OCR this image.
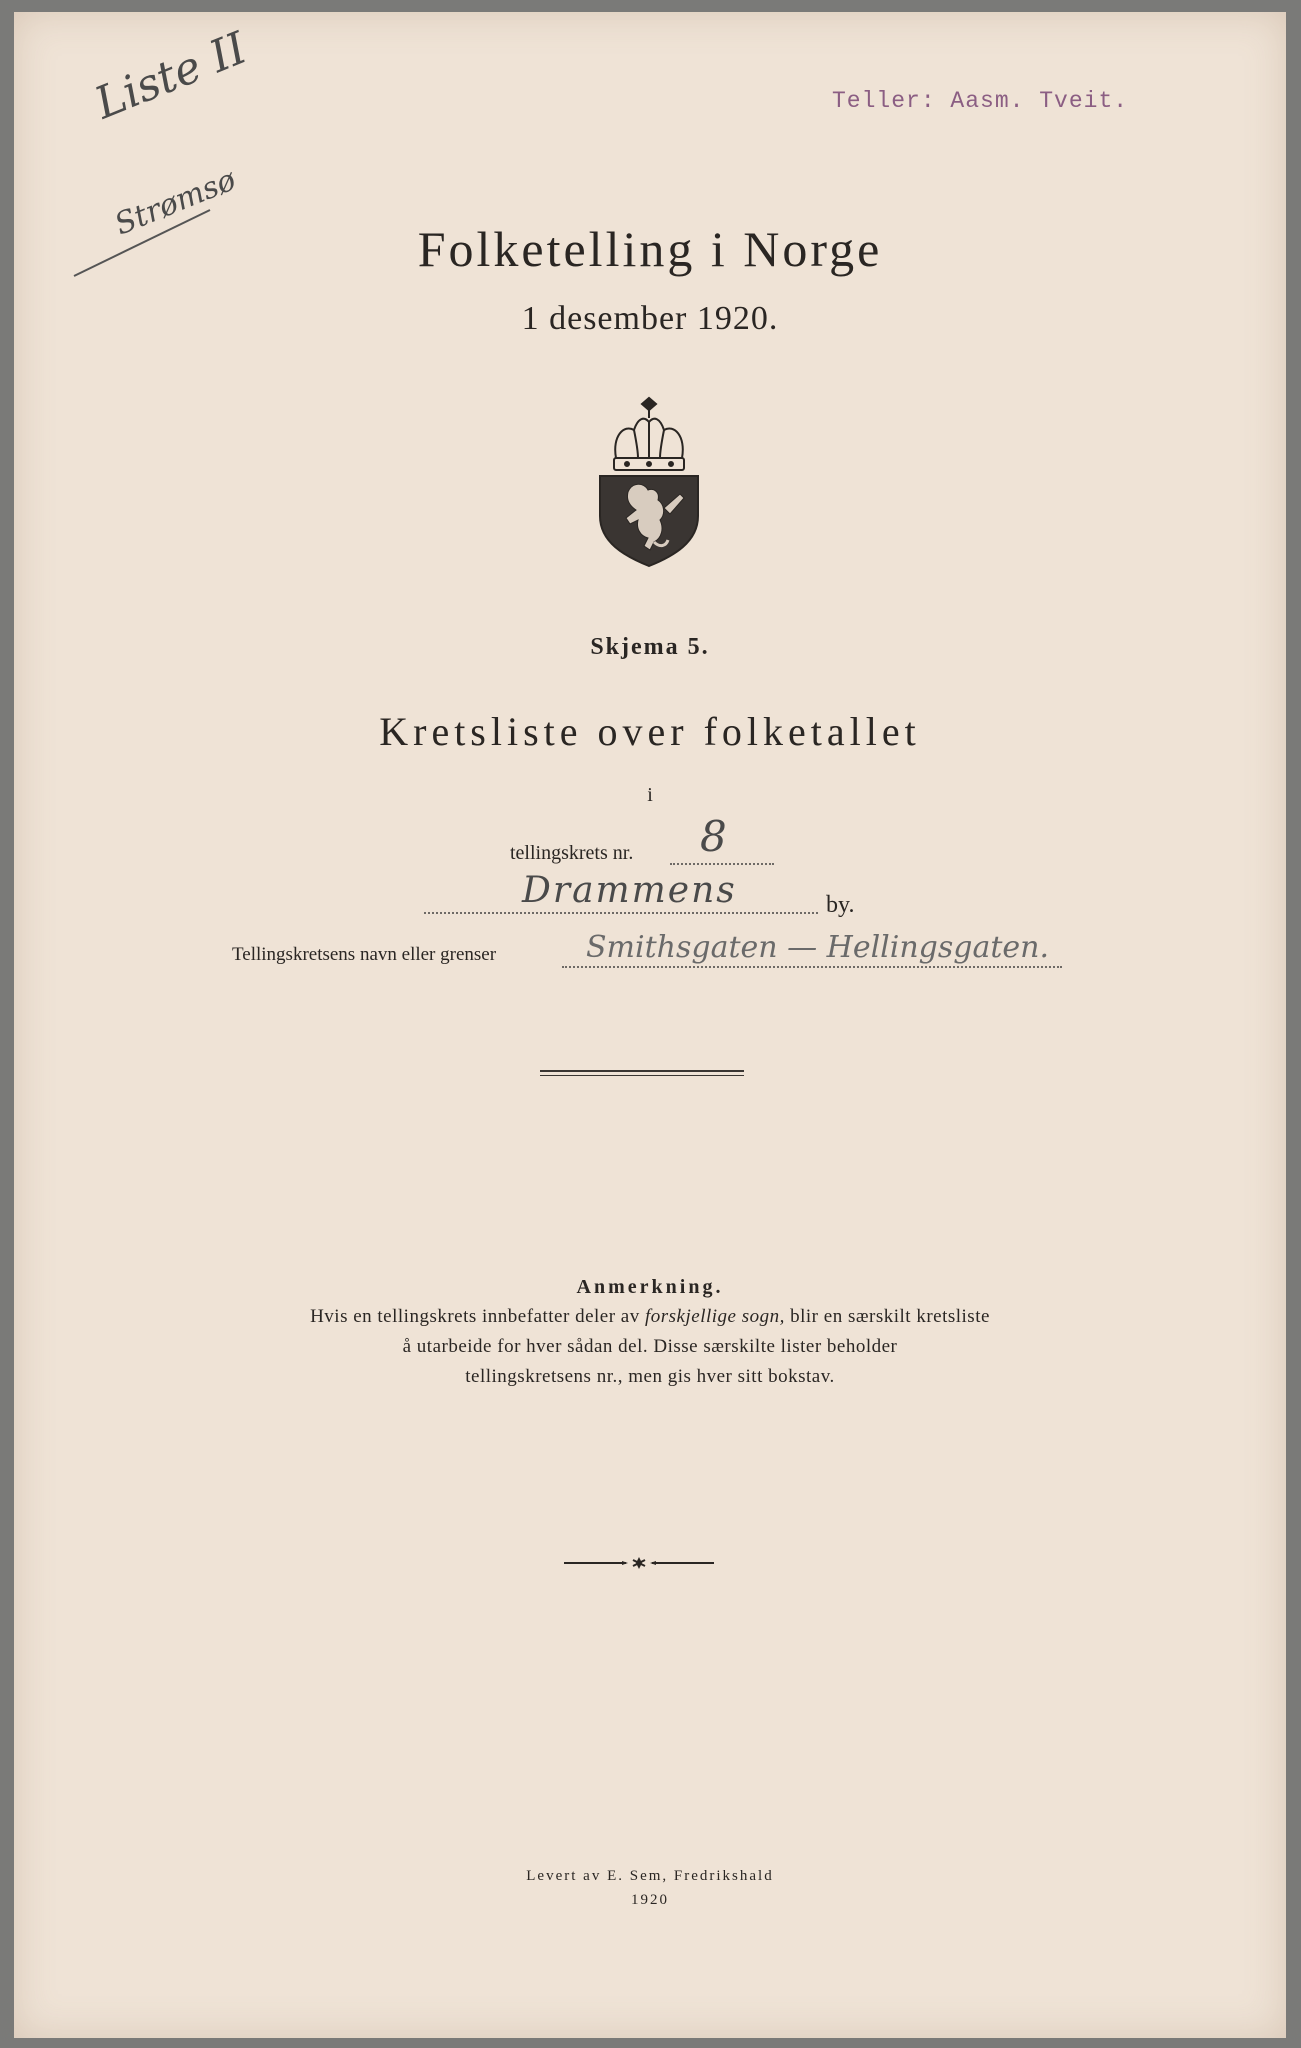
Teller: Aasm. Tveit.
Liste II
Strømsø
Folketelling i Norge
1 desember 1920.
Skjema 5.
Kretsliste over folketallet
i
tellingskrets nr. 8
Drammens	by.
Tellingskretsens navn eller grenser	Smithsgaten — Hellingsgaten.
Anmerkning.
Hvis en tellingskrets innbefatter deler av forskjellige sogn, blir en særskilt kretsliste
å utarbeide for hver sådan del. Disse særskilte lister beholder
tellingskretsens nr., men gis hver sitt bokstav.
Levert av E. Sem, Fredrikshald
1920
